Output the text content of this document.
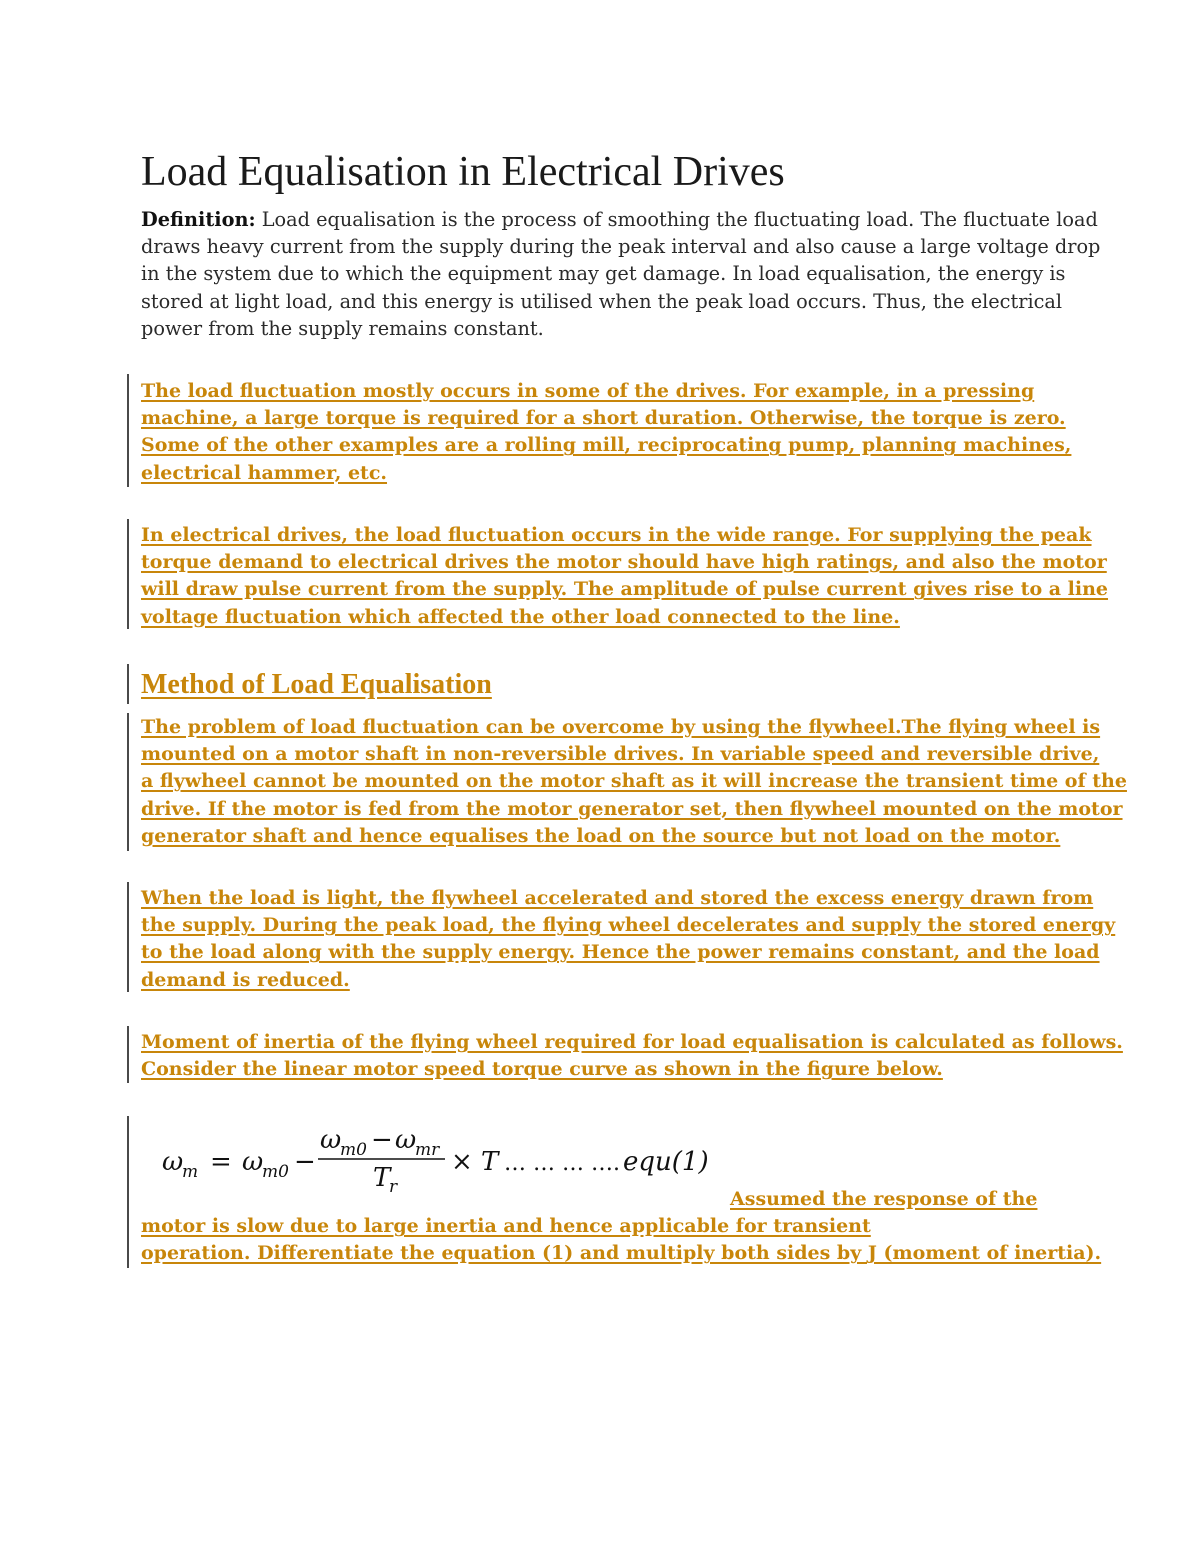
Load Equalisation in Electrical Drives

Definition: Load equalisation is the process of smoothing the fluctuating load. The fluctuate load
draws heavy current from the supply during the peak interval and also cause a large voltage drop
in the system due to which the equipment may get damage. In load equalisation, the energy is
stored at light load, and this energy is utilised when the peak load occurs. Thus, the electrical
power from the supply remains constant.

The load fluctuation mostly occurs in some of the drives. For example, in a pressing
machine, a large torque is required for a short duration. Otherwise, the torque is zero.
Some of the other examples are a rolling mill, reciprocating pump, planning machines,
electrical hammer, etc.

In electrical drives, the load fluctuation occurs in the wide range. For supplying the peak
torque demand to electrical drives the motor should have high ratings, and also the motor
will draw pulse current from the supply. The amplitude of pulse current gives rise to a line
voltage fluctuation which affected the other load connected to the line.

Method of Load Equalisation

The problem of load fluctuation can be overcome by using the flywheel.The flying wheel is
mounted on a motor shaft in non-reversible drives. In variable speed and reversible drive,
a flywheel cannot be mounted on the motor shaft as it will increase the transient time of the
drive. If the motor is fed from the motor generator set, then flywheel mounted on the motor
generator shaft and hence equalises the load on the source but not load on the motor.

When the load is light, the flywheel accelerated and stored the excess energy drawn from
the supply. During the peak load, the flying wheel decelerates and supply the stored energy
to the load along with the supply energy. Hence the power remains constant, and the load
demand is reduced.

Moment of inertia of the flying wheel required for load equalisation is calculated as follows.
Consider the linear motor speed torque curve as shown in the figure below.

ω
m = ω
m0 −
ω
m0 − ω
mr
T
r
× T … … … …. equ(1)

Assumed the response of the
motor is slow due to large inertia and hence applicable for transient
operation. Differentiate the equation (1) and multiply both sides by J (moment of inertia).
